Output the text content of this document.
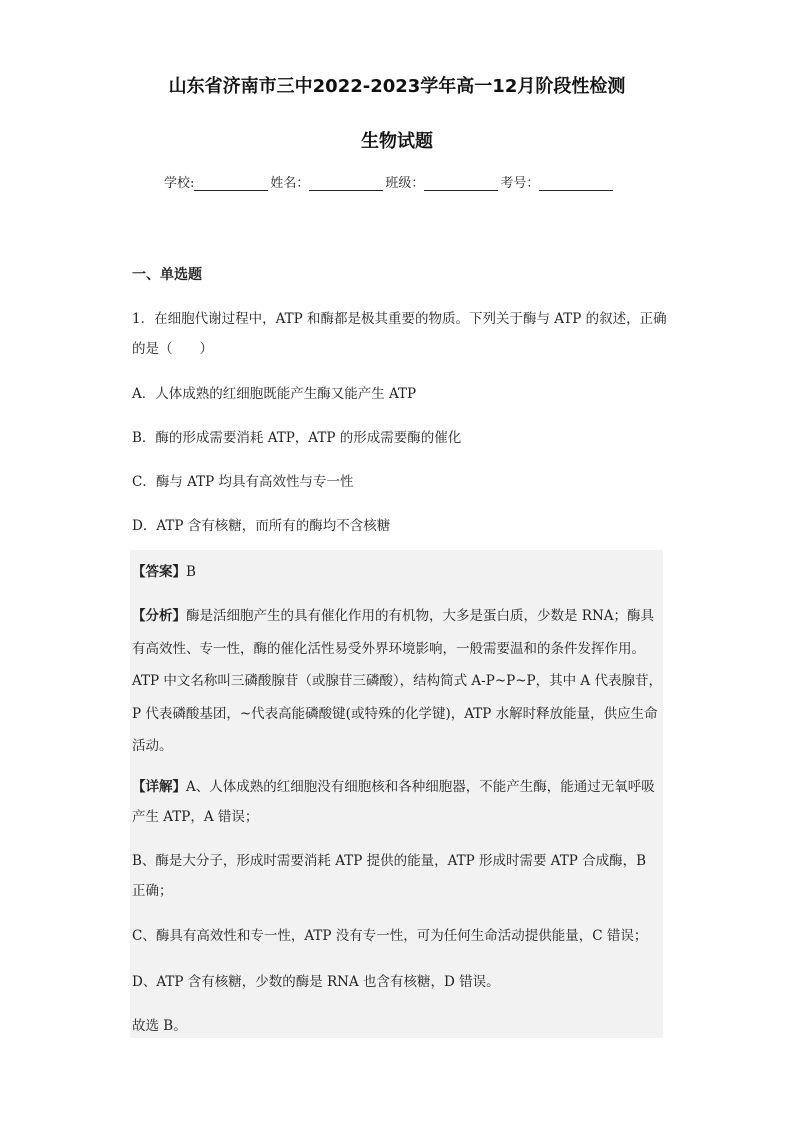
山东省济南市三中2022-2023学年高一12月阶段性检测
生物试题
学校:	姓名：	班级：	考号：
一、单选题
1．在细胞代谢过程中，ATP 和酶都是极其重要的物质。下列关于酶与 ATP 的叙述，正确的是（　　）
A．人体成熟的红细胞既能产生酶又能产生 ATP
B．酶的形成需要消耗 ATP，ATP 的形成需要酶的催化
C．酶与 ATP 均具有高效性与专一性
D．ATP 含有核糖，而所有的酶均不含核糖
【答案】B
【分析】酶是活细胞产生的具有催化作用的有机物，大多是蛋白质，少数是 RNA；酶具有高效性、专一性，酶的催化活性易受外界环境影响，一般需要温和的条件发挥作用。ATP 中文名称叫三磷酸腺苷（或腺苷三磷酸），结构简式 A-P~P~P，其中 A 代表腺苷，P 代表磷酸基团，~代表高能磷酸键(或特殊的化学键)，ATP 水解时释放能量，供应生命活动。
【详解】A、人体成熟的红细胞没有细胞核和各种细胞器，不能产生酶，能通过无氧呼吸产生 ATP，A 错误；
B、酶是大分子，形成时需要消耗 ATP 提供的能量，ATP 形成时需要 ATP 合成酶，B 正确；
C、酶具有高效性和专一性，ATP 没有专一性，可为任何生命活动提供能量，C 错误；
D、ATP 含有核糖，少数的酶是 RNA 也含有核糖，D 错误。
故选 B。
